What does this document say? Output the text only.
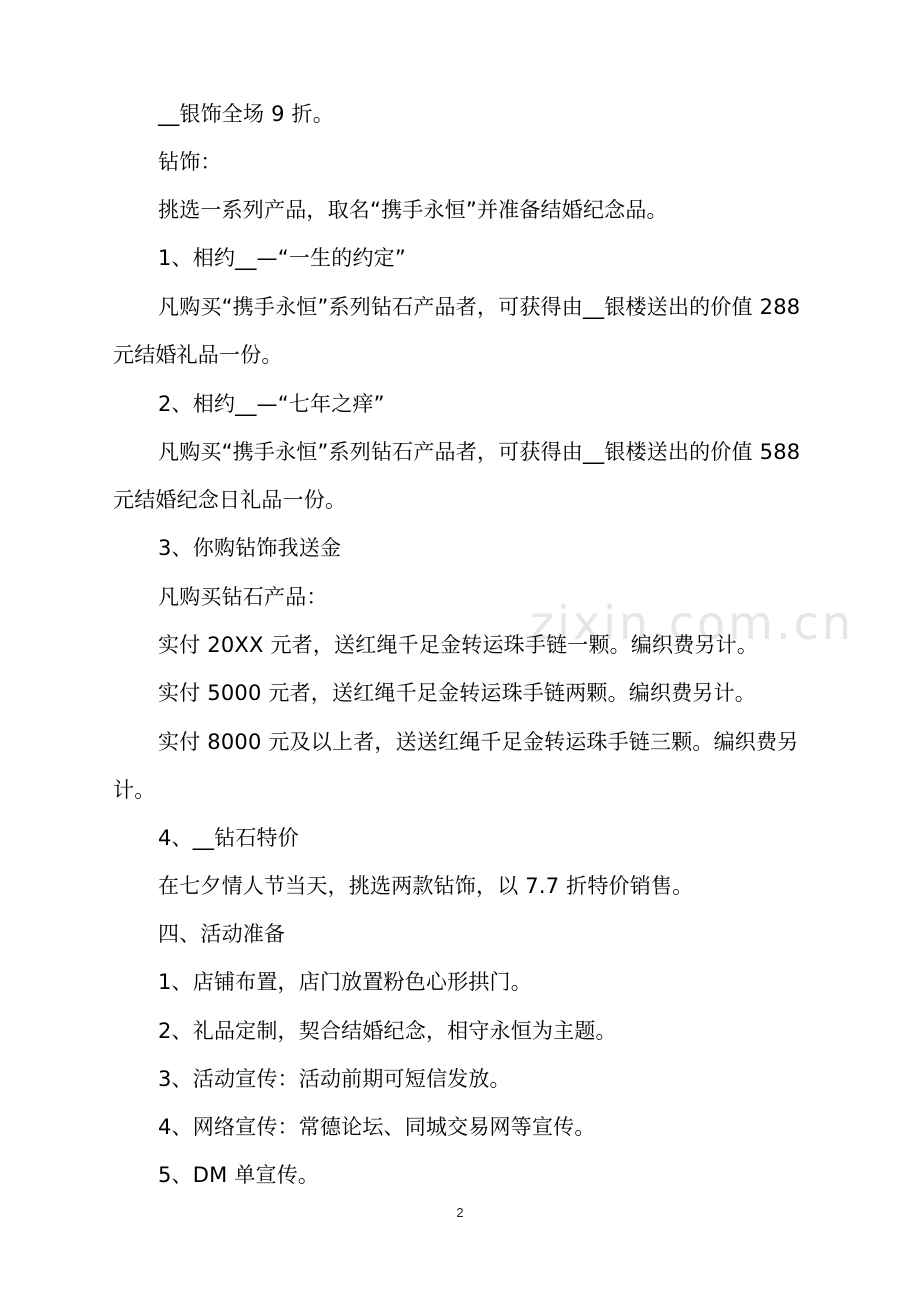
zixin.com.cn
__银饰全场 9 折。
钻饰：
挑选一系列产品，取名“携手永恒”并准备结婚纪念品。
1、相约__—“一生的约定”
凡购买“携手永恒”系列钻石产品者，可获得由__银楼送出的价值 288
元结婚礼品一份。
2、相约__—“七年之痒”
凡购买“携手永恒”系列钻石产品者，可获得由__银楼送出的价值 588
元结婚纪念日礼品一份。
3、你购钻饰我送金
凡购买钻石产品：
实付 20XX 元者，送红绳千足金转运珠手链一颗。编织费另计。
实付 5000 元者，送红绳千足金转运珠手链两颗。编织费另计。
实付 8000 元及以上者，送送红绳千足金转运珠手链三颗。编织费另
计。
4、__钻石特价
在七夕情人节当天，挑选两款钻饰，以 7.7 折特价销售。
四、活动准备
1、店铺布置，店门放置粉色心形拱门。
2、礼品定制，契合结婚纪念，相守永恒为主题。
3、活动宣传：活动前期可短信发放。
4、网络宣传：常德论坛、同城交易网等宣传。
5、DM 单宣传。
2
